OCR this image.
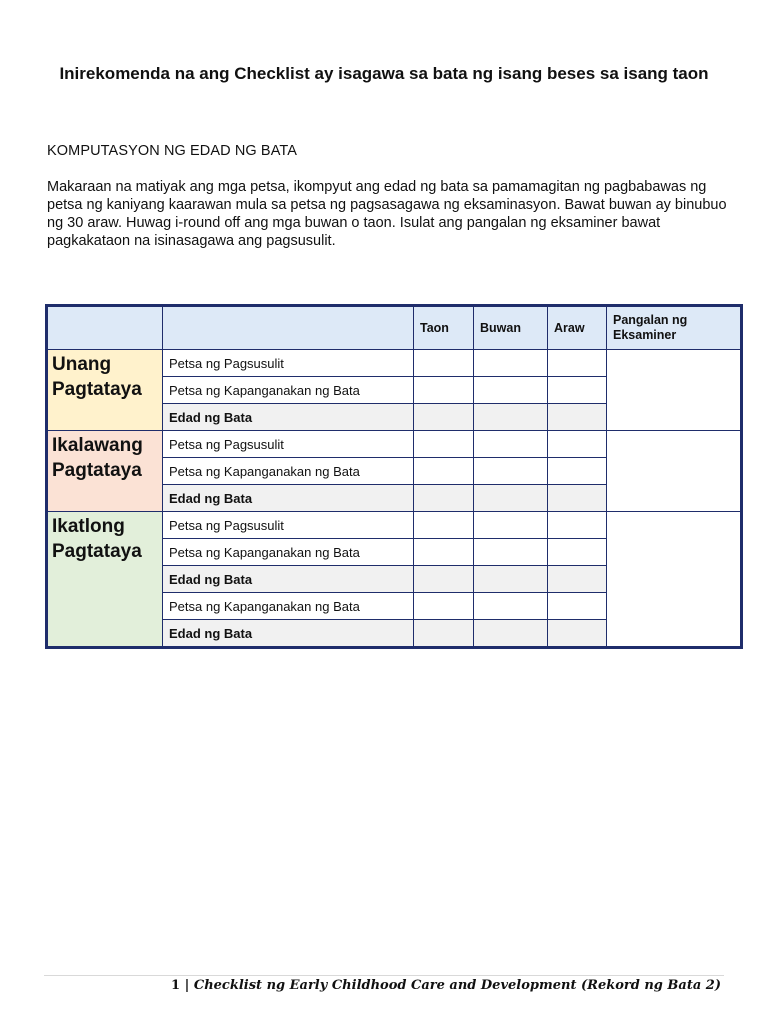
Inirekomenda na ang Checklist ay isagawa sa bata ng isang beses sa isang taon
KOMPUTASYON NG EDAD NG BATA
Makaraan na matiyak ang mga petsa, ikompyut ang edad ng bata sa pamamagitan ng pagbabawas ng petsa ng kaniyang kaarawan mula sa petsa ng pagsasagawa ng eksaminasyon. Bawat buwan ay binubuo ng 30 araw. Huwag i-round off ang mga buwan o taon. Isulat ang pangalan ng eksaminer bawat pagkakataon na isinasagawa ang pagsusulit.
		Taon	Buwan	Araw	Pangalan ng Eksaminer
Unang Pagtataya	Petsa ng Pagsusulit				
	Petsa ng Kapanganakan ng Bata				
	Edad ng Bata				
Ikalawang Pagtataya	Petsa ng Pagsusulit				
	Petsa ng Kapanganakan ng Bata				
	Edad ng Bata				
Ikatlong Pagtataya	Petsa ng Pagsusulit				
	Petsa ng Kapanganakan ng Bata				
	Edad ng Bata				
	Petsa ng Kapanganakan ng Bata				
	Edad ng Bata				
1 | Checklist ng Early Childhood Care and Development (Rekord ng Bata 2)
